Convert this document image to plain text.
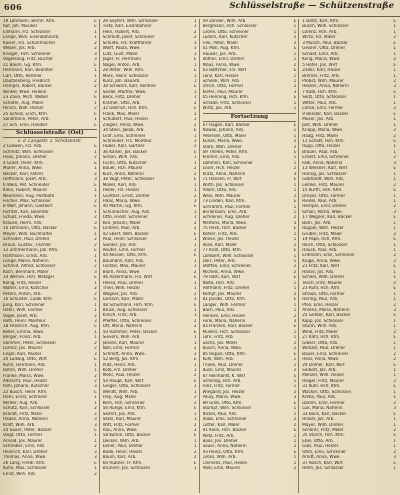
606	Schlüsselstraße — Schützenstraße
19 Lohmann, Bernh. Kfm.	E
Ruf, Joh. Musiker	E
Ellmann, Frz. Schlosser	1
Lange, Wilh. Eisenbahnarb.	1
Kaiser, Frz. Schuhmacher	2
Weber, Jos. Arb.	2
Krieger, Hch. Schreiner	3
Vogelsang, Fritz, Buchdr.	3
21 Baum, Gg. Kfm.	E
Hermann, Karl, Beamter	1
Carl, Otto, Rentner	1
Dautzenberg, Friedrich	2
Hempel, Robert, Bäcker	2
Winkel, Wwe. Helene	3
23 Zaun, Mich. Weber	E
Schäfer, Aug. Maler	1
Hirsch, Wilh. Packer	2
25 Scholz, Erich, Kfm.	E
Sandmann, Peter, Arb.	1
27 Sch. Emil, Händler	E
Schlüsselstraße (Ost)
v. d. Langestr. z. Schützenstr.
2 Loewen, Frz. Arb.	E
Schmitz, Wilh. Schlosser	1
Haas, Johann, Dreher	2
4 Graef, Heinr. Kfm.	E
Müller, Anna, Wwe.	1
Becker, Karl, Fahrer	2
Hoffmann, Josef, Arb.	3
6 Weiß, Pet. Schneider	E
Klein, Hubert, Maurer	1
Neumann, Aug. Postbote	1
Fischer, Max, Schlosser	2
8 Wolf, Johann, Gastwirt	E
Richter, Karl, Beamter	1
Schulz, Frieda, Wwe.	2
Krause, Herm. Arb.	3
10 Lehmann, Otto, Bäcker	E
Meyer, Wilh. Buchhalter	1
Schröder, Paul, Dreher	2
Braun, Gustav, Tischler	2
12 Zimmermann, Jak. Kfm.	E
Hartmann, Ernst, Arb.	1
Lange, Maria, Näherin	1
Schmid, Alfred, Schlosser	2
Koch, Bernhard, Maler	3
14 Werner, Hch. Metzger	E
König, Fritz, Heizer	1
Walter, Emil, Kutscher	2
Peters, Anton, Arb.	2
16 Schuster, Ludw. Kfm.	E
Jung, Karl, Schreiner	1
Hahn, Wilh. Former	1
Vogel, Josef, Arb.	2
Roth, Heinr. Monteur	3
18 Friedrich, Aug. Kfm.	E
Keller, Emma, Wwe.	1
Berger, Franz, Arb.	1
Sommer, Peter, Schlosser	2
Lorenz, Jos. Maurer	2
Engel, Karl, Packer	3
20 Ludwig, Otto, Wirt	E
Kuhn, Hermann, Arb.	1
Böhm, Wilh. Dreher	1
Franke, Maria, Wwe.	2
Albrecht, Paul, Heizer	2
Pohl, Johann, Kutscher	3
22 Busch, Heinr. Kfm.	E
Horn, Ernst, Schmied	1
Winter, Aug. Arb.	1
Schütz, Karl, Schlosser	2
Brandt, Fritz, Maler	2
Haase, Anna, Näherin	3
Kraft, Wilh. Arb.	3
24 Sauer, Peter, Bäcker	E
Voigt, Otto, Former	1
Arnold, Jos. Maurer	1
Schreiber, Emil, Arb.	2
Heinrich, Karl, Dreher	3
Thomas, Anna, Wwe.	3
26 Lang, Friedr. Kfm.	E
Kühn, Max, Schlosser	1
Ernst, Wilh. Arb.	2
26 Seyfert, Wilh. Schlosser	1
Tietz, Karl, Eisenbahner	1
Hein, Hubert, Arb.	2
Schmidt, Josef, Schreiner	2
Schulte, Frz. Kraftfahrer	3
Wolff, Paula, Wwe.	3
Lutz, Gust. Maler	3
Jäger, Fr. Hermann	E
Nagel, Anton, Arb.	1
28 Ritter, Wilh. Kfm.	E
Marx, Heinr. Schlosser	1
Kunz, Joh. Bauarb.	1
30 Schwarz, Karl, Rentner	E
Seidel, Martha, Wwe.	1
Beck, Fritz, Dreher	1
Kramer, Otto, Arb.	2
32 Dietrich, Hch. Kfm.	E
Frank, Max, Maler	1
Schubert, Paul, Heizer	1
Ziegler, Anna, Wwe.	2
34 Stein, Jakob, Arb.	E
Graf, Emil, Schreiner	1
Schneider, Frz. Monteur	1
Huber, Karl, Gärtner	2
36 Kaiser, Jos. Bäcker	E
Simon, Wilh. Arb.	1
Fuchs, Otto, Kutscher	1
Bauer, Hch. Maurer	2
Kurz, Anna, Näherin	2
38 Vogt, Peter, Schlosser	E
Möller, Karl, Arb.	1
Heller, Frz. Heizer	1
Günther, Ernst, Dreher	2
Haas, Maria, Wwe.	3
40 Martin, Gg. Kfm.	E
Schumacher, Aug. Arb.	1
Otto, Friedr. Schreiner	1
Keil, Johann, Maler	2
Lindner, Paul, Arb.	2
42 Ebert, Wilh. Bäcker	E
Paul, Heinr. Schlosser	1
Sander, Jos. Arb.	1
Reuter, Emil, Former	2
44 Kessler, Otto, Kfm.	E
Baumann, Karl, Arb.	1
Förster, Max, Maurer	1
Blum, Anna, Wwe.	2
46 Ackermann, Frz. Wirt	E
Hesse, Paul, Dreher	1
Thiel, Wilh. Heizer	1
Wagner, Jos. Arb.	2
Gerlach, Karl, Maler	3
48 Schumann, Hch. Kfm.	E
Brück, Aug. Schlosser	1
Kirsch, Fritz, Arb.	1
Pfeiffer, Otto, Schreiner	2
Ott, Maria, Näherin	2
50 Hammer, Peter, Bäcker	E
Sievers, Wilh. Arb.	1
Jansen, Karl, Maurer	1
Noll, Emil, Former	2
Schmitt, Anna, Wwe.	3
52 Berg, Jos. Kfm.	E
Pütz, Heinr. Arb.	1
Kolb, Frz. Dreher	1
Mohr, Paul, Heizer	2
54 Haupt, Karl, Wirt	E
Geiger, Otto, Schlosser	1
Wendt, Wilh. Arb.	1
Frey, Aug. Maler	2
Kern, Hch. Schreiner	2
56 Runge, Emil, Kfm.	E
Seifert, Jos. Arb.	1
Stahl, Karl, Maurer	1
Witt, Fritz, Former	2
Rau, Anna, Wwe.	3
58 Kühne, Otto, Bäcker	E
Decker, Wilh. Arb.	1
Ebner, Paul, Dreher	1
Bode, Heinr. Heizer	2
Baum, Karl, Arb.	2
60 Hübner, Fr. Kfm.	E
Brunner, Jos. Schlosser	1
59 Zander, Wilh. Arb.	E
Bergmann, Hch. Schlosser	1
Gröne, Otto, Schreiner	1
Lüders, Karl, Kutscher	2
Fink, Peter, Maler	2
61 Moll, Aug. Kfm.	E
Hauser, Jos. Arb.	1
Rother, Emil, Dreher	1
Maas, Anna, Wwe.	2
63 Böttcher, Frz. Wirt	E
Lenz, Karl, Heizer	1
Schenk, Wilh. Arb.	1
Ulrich, Otto, Former	2
Kiefer, Paul, Maurer	3
65 Henning, Hch. Kfm.	E
Schade, Fritz, Schlosser	1
Wirtz, Jos. Arb.	1
Fortsetzung
67 Hagen, Karl, Bäcker	E
Nowak, Johann, Arb.	1
Petersen, Otto, Maler	1
Kunze, Maria, Wwe.	2
Stark, Wilh. Dreher	2
69 Thelen, Peter, Kfm.	E
Kremer, Emil, Arb.	1
Dahmen, Karl, Schreiner	1
Esser, Hch. Heizer	2
Kratz, Anna, Näherin	3
71 Hansen, Fr. Wirt	E
Wirth, Jos. Schlosser	1
Adam, Otto, Arb.	1
Weis, Wilh. Maurer	2
73 Linden, Karl, Kfm.	E
Schramm, Paul, Former	1
Brinkmann, Emil, Arb.	1
Schreiner, Aug. Dreher	2
Mertens, Maria, Wwe.	3
75 Heck, Hch. Bäcker	E
Köhler, Fritz, Arb.	1
Wiese, Jos. Heizer	1
Rose, Karl, Maler	2
77 Kroll, Otto, Kfm.	E
Lambert, Wilh. Schlosser	1
Dörr, Peter, Arb.	1
Steffen, Emil, Schreiner	2
Michels, Anna, Wwe.	2
79 Rath, Karl, Wirt	E
Nolte, Hch. Arb.	1
Hofmann, Fritz, Dreher	1
Kempf, Jos. Maurer	2
81 Jacobs, Otto, Kfm.	E
Langer, Wilh. Former	1
Bach, Paul, Arb.	1
Hennes, Emil, Heizer	2
Funk, Maria, Näherin	3
83 Franzen, Karl, Bäcker	E
Müllers, Hch. Schlosser	1
Lohr, Fritz, Arb.	1
Sachs, Jos. Maler	2
Busch, Anna, Wwe.	2
85 Hoppe, Otto, Kfm.	E
Kuhl, Wilh. Arb.	1
Thiele, Paul, Dreher	1
Buck, Emil, Maurer	2
87 Reinhardt, K. Wirt	E
Schilling, Hch. Arb.	1
Hinz, Fritz, Former	1
Wiegand, Jos. Heizer	2
Pauly, Maria, Wwe.	3
89 Groß, Otto, Kfm.	E
Stumpf, Wilh. Schlosser	1
Nickel, Paul, Arb.	1
Raab, Emil, Schreiner	2
Lutter, Karl, Maler	2
91 Klein, Hch. Bäcker	E
Metz, Fritz, Arb.	1
Boos, Jos. Dreher	1
Sauer, Anna, Näherin	2
93 Heinz, Otto, Kfm.	E
Gross, Wilh. Arb.	1
Clemens, Paul, Heizer	1
Abel, Emil, Maurer	2
1 Dietz, Karl, Kfm.	E
Busch, Wilh. Schlosser	1
Lorenz, Hch. Arb.	1
Wirtz, Frz. Maler	2
3 Münch, Paul, Bäcker	E
Geisler, Otto, Dreher	1
Schaaf, Emil, Arb.	1
Kling, Maria, Wwe.	2
5 Hofer, Jos. Wirt	E
Zeller, Karl, Heizer	1
Bremer, Fritz, Arb.	1
Probst, Wilh. Maurer	2
Hecker, Anna, Näherin	3
7 Kalb, Hch. Kfm.	E
Seitz, Otto, Schlosser	1
Vetter, Paul, Arb.	1
Lohse, Emil, Former	2
9 Bender, Karl, Bäcker	E
Moser, Jos. Arb.	1
Jost, Wilh. Dreher	1
Knapp, Maria, Wwe.	2
Haag, Fritz, Maler	2
11 Schott, Hch. Kfm.	E
Rupp, Otto, Heizer	1
Brauer, Paul, Arb.	1
Eckert, Emil, Schreiner	2
Falk, Anna, Näherin	3
13 Wiesner, Karl, Wirt	E
Hörnig, Jos. Schlosser	1
Gebhardt, Wilh. Arb.	1
Lemke, Fritz, Maurer	2
15 Kurth, Hch. Kfm.	E
Dreyer, Otto, Former	1
Riedel, Paul, Arb.	1
Hempel, Emil, Dreher	2
Schön, Maria, Wwe.	3
17 Wegner, Karl, Bäcker	E
Born, Jos. Arb.	1
Ruppel, Wilh. Heizer	1
Gruber, Fritz, Maler	2
19 Pape, Hch. Kfm.	E
Reich, Otto, Schlosser	1
Hauck, Paul, Arb.	1
Erdmann, Emil, Schreiner	2
Kluge, Anna, Wwe.	2
21 Fritz, Karl, Wirt	E
Hasse, Jos. Arb.	1
Scheel, Wilh. Dreher	1
Tesch, Fritz, Maurer	2
23 Ruhl, Hch. Kfm.	E
Strauß, Otto, Former	1
Hering, Paul, Arb.	1
Pfeil, Emil, Heizer	2
Ahrens, Maria, Näherin	3
25 Gerber, Karl, Bäcker	E
Kopp, Jos. Schlosser	1
Sturm, Wilh. Arb.	1
Weiß, Fritz, Maler	2
27 Kahl, Hch. Kfm.	E
Glaser, Otto, Arb.	1
Wenzel, Paul, Dreher	1
Bauer, Emil, Schreiner	2
Hess, Anna, Wwe.	2
29 Dreher, Karl, Wirt	E
Seibert, Jos. Arb.	1
Menzel, Wilh. Heizer	1
Rieger, Fritz, Maurer	2
31 Kühl, Hch. Kfm.	E
Wacker, Otto, Schlosser	1
Krebs, Paul, Arb.	1
Damm, Emil, Former	2
Lux, Maria, Näherin	3
33 Bock, Karl, Bäcker	E
Hinkel, Jos. Arb.	1
Mayer, Wilh. Dreher	1
Scherer, Fritz, Maler	2
35 Storch, Hch. Kfm.	E
Ebel, Otto, Arb.	1
Glas, Paul, Heizer	1
Ohm, Emil, Schreiner	2
Arndt, Anna, Wwe.	3
37 Rösch, Karl, Wirt	E
Helm, Jos. Schlosser	1
